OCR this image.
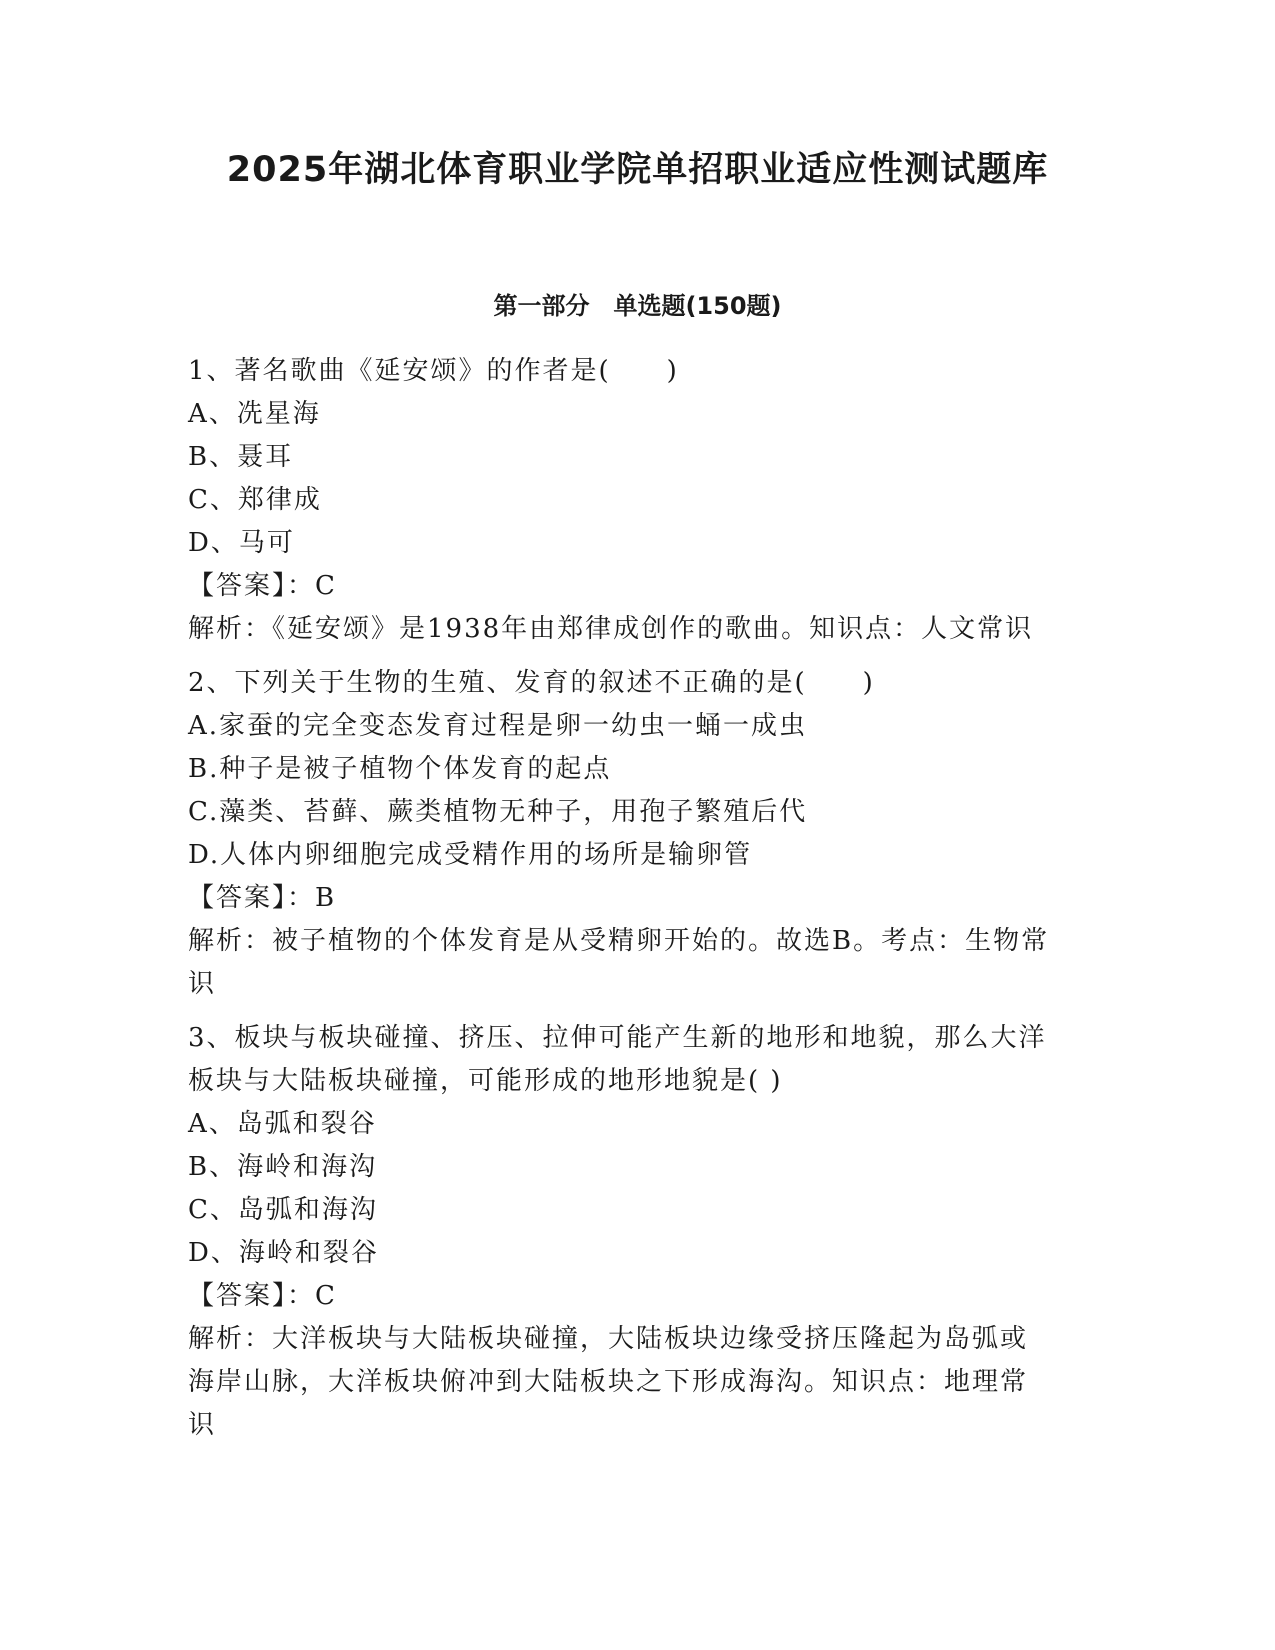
2025年湖北体育职业学院单招职业适应性测试题库
第一部分　单选题(150题)

1、著名歌曲《延安颂》的作者是(　　)

A、冼星海

B、聂耳

C、郑律成

D、马可

【答案】：C

解析：《延安颂》是1938年由郑律成创作的歌曲。知识点：人文常识

2、下列关于生物的生殖、发育的叙述不正确的是(　　)

A.家蚕的完全变态发育过程是卵一幼虫一蛹一成虫

B.种子是被子植物个体发育的起点

C.藻类、苔藓、蕨类植物无种子，用孢子繁殖后代

D.人体内卵细胞完成受精作用的场所是输卵管

【答案】：B

解析：被子植物的个体发育是从受精卵开始的。故选B。考点：生物常

识

3、板块与板块碰撞、挤压、拉伸可能产生新的地形和地貌，那么大洋

板块与大陆板块碰撞，可能形成的地形地貌是( )

A、岛弧和裂谷

B、海岭和海沟

C、岛弧和海沟

D、海岭和裂谷

【答案】：C

解析：大洋板块与大陆板块碰撞，大陆板块边缘受挤压隆起为岛弧或

海岸山脉，大洋板块俯冲到大陆板块之下形成海沟。知识点：地理常

识
